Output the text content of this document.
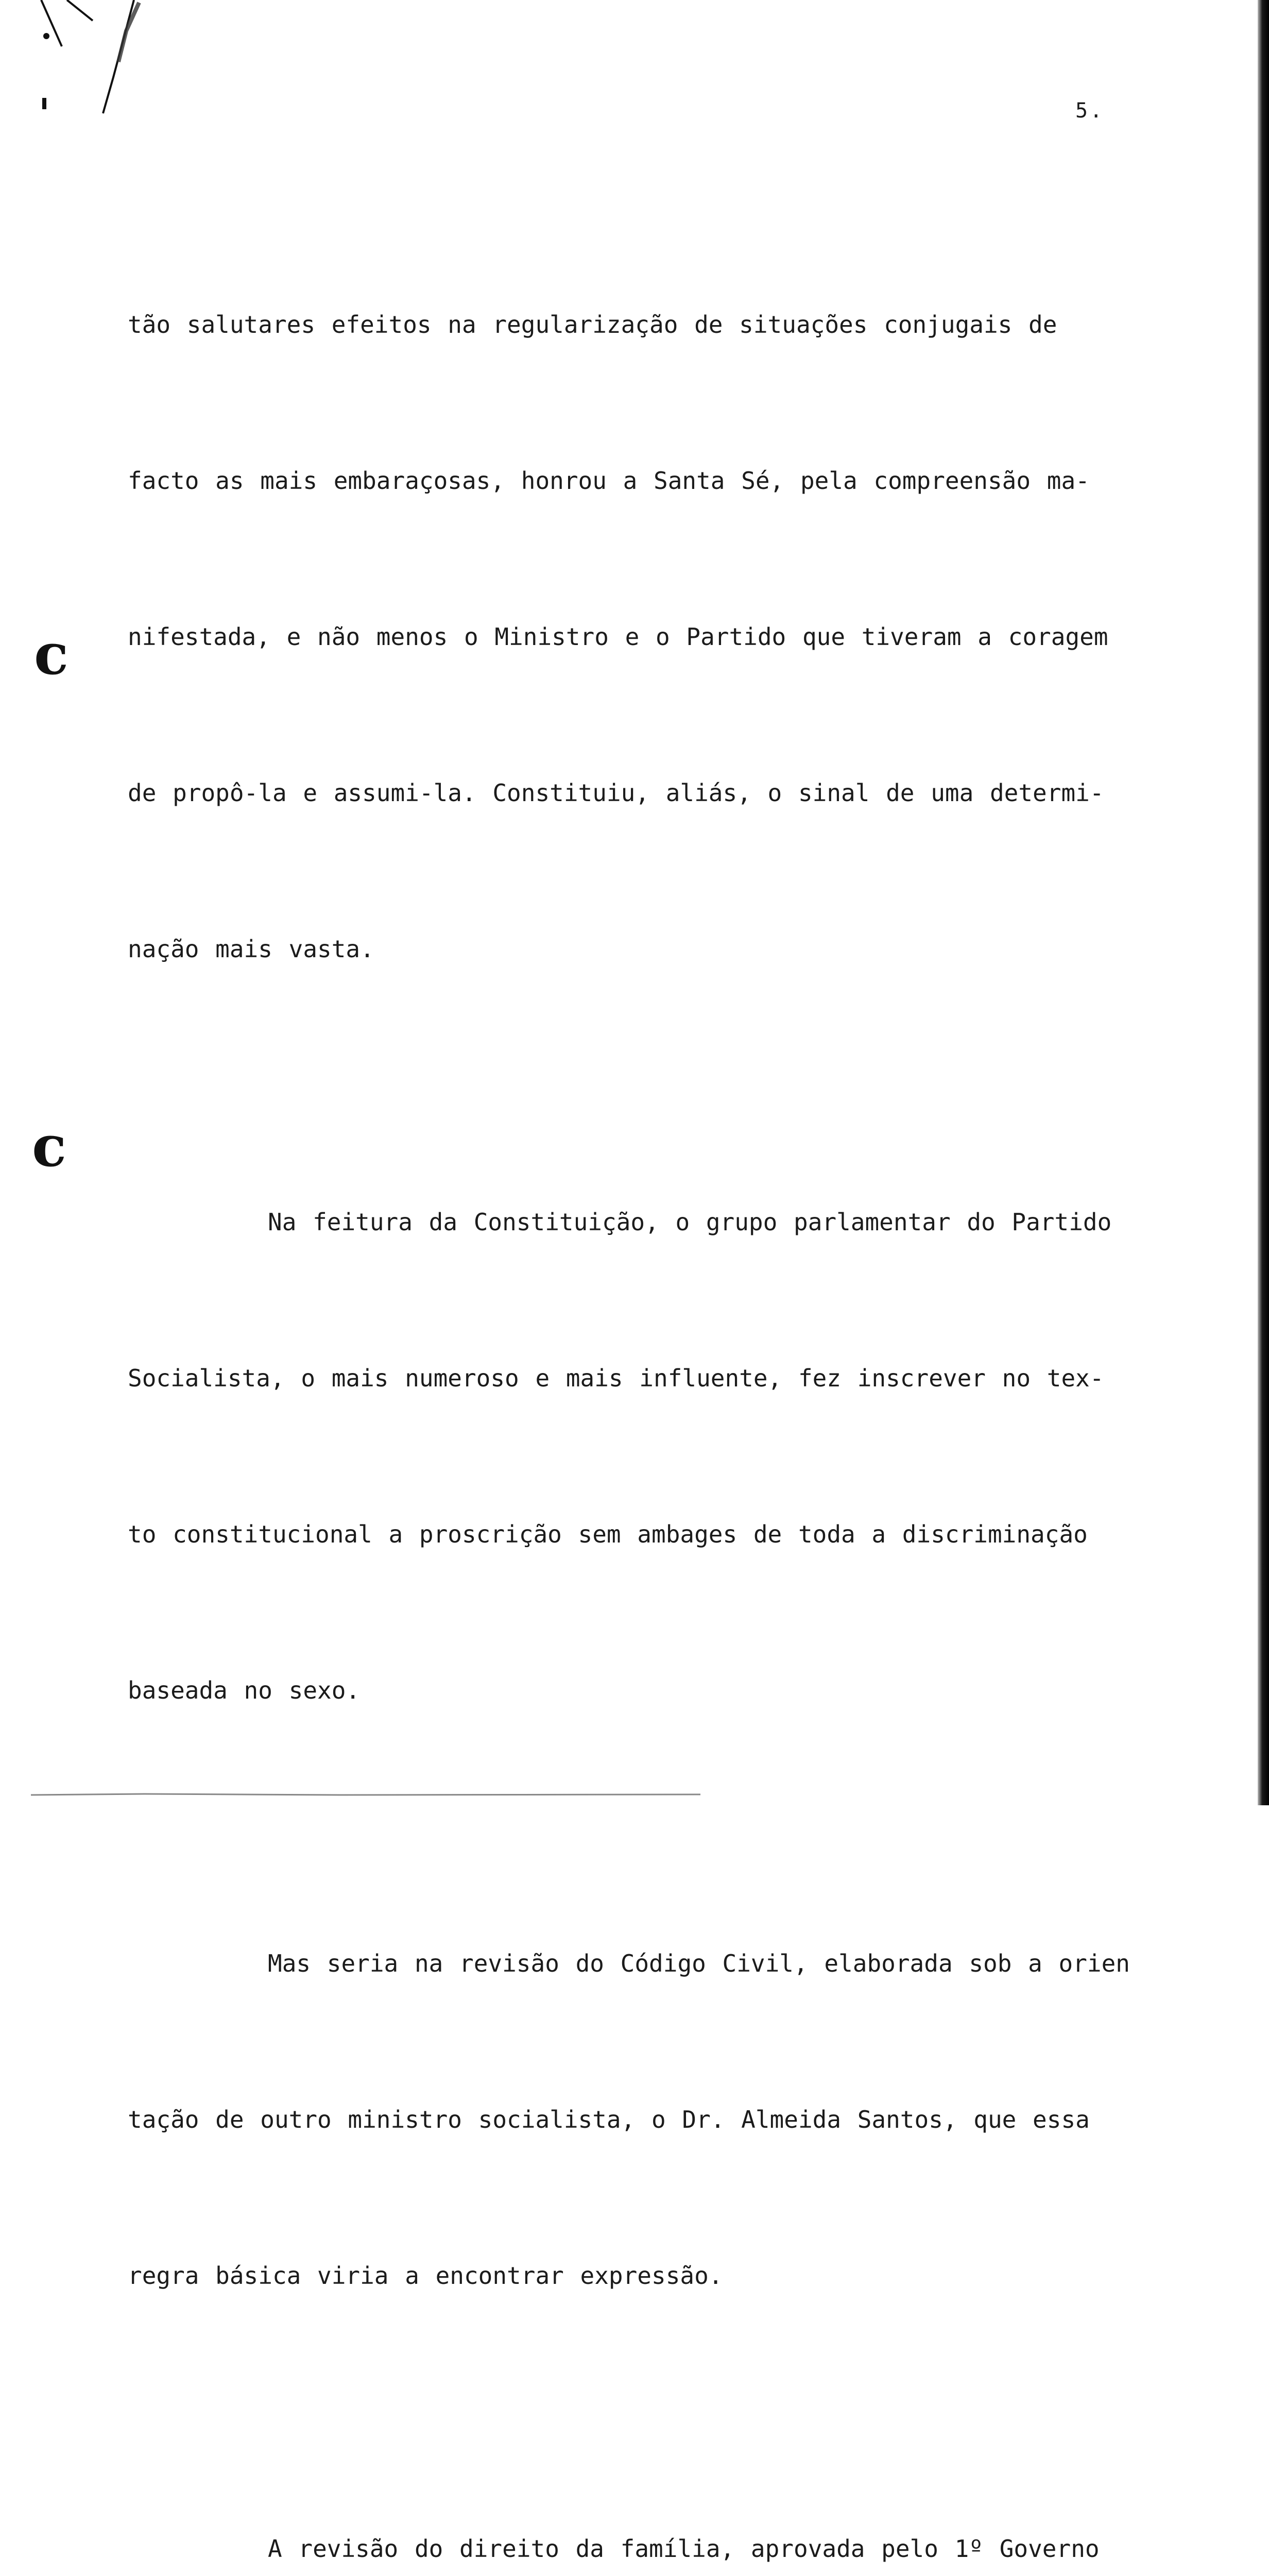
5.

tão salutares efeitos na regularização de situações conjugais de

facto as mais embaraçosas, honrou a Santa Sé, pela compreensão ma-

nifestada, e não menos o Ministro e o Partido que tiveram a coragem

de propô-la e assumi-la. Constituiu, aliás, o sinal de uma determi-

nação mais vasta.

Na feitura da Constituição, o grupo parlamentar do Partido

Socialista, o mais numeroso e mais influente, fez inscrever no tex-

to constitucional a proscrição sem ambages de toda a discriminação

baseada no sexo.

Mas seria na revisão do Código Civil, elaborada sob a orien

tação de outro ministro socialista, o Dr. Almeida Santos, que essa

regra básica viria a encontrar expressão.

A revisão do direito da família, aprovada pelo 1º Governo

c
c
